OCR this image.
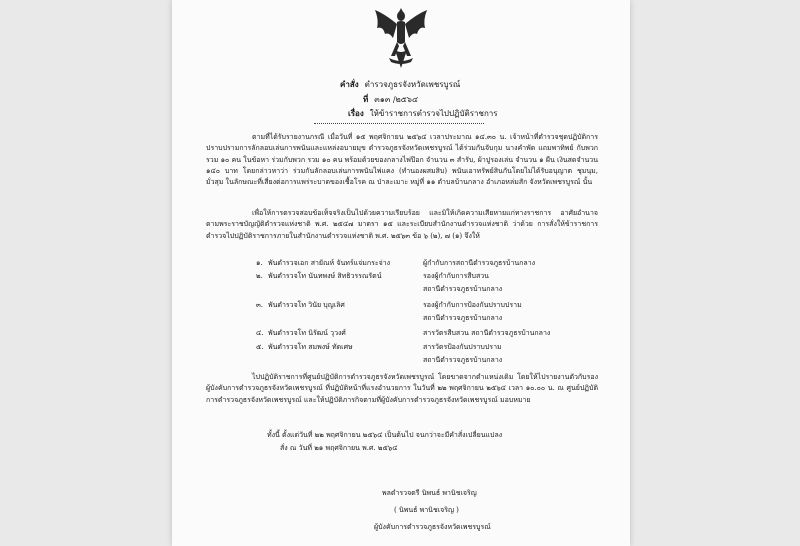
คำสั่ง ตำรวจภูธรจังหวัดเพชรบูรณ์
ที่ ๓๑๓ /๒๕๖๔
เรื่อง ให้ข้าราชการตำรวจไปปฏิบัติราชการ
ตามที่ได้รับรายงานกรณี เมื่อวันที่ ๑๕ พฤศจิกายน ๒๕๖๔ เวลาประมาณ ๑๔.๓๐ น. เจ้าหน้าที่ตำรวจชุดปฏิบัติการปราบปรามการลักลอบเล่นการพนันและแหล่งอบายมุข ตำรวจภูธรจังหวัดเพชรบูรณ์ ได้ร่วมกันจับกุม นางคำพัด แถมพาทิพย์ กับพวกรวม ๑๐ คน ในข้อหา ร่วมกับพวก รวม ๑๐ คน พร้อมด้วยของกลางไพ่ป๊อก จำนวน ๓ สำรับ, ผ้าปูรองเล่น จำนวน ๑ ผืน เงินสดจำนวน ๑๔๐ บาท โดยกล่าวหาว่า ร่วมกันลักลอบเล่นการพนันไพ่แคง (ทำนองผสมสิบ) พนันเอาทรัพย์สินกันโดยไม่ได้รับอนุญาต ชุมนุม, มั่วสุม ในลักษณะที่เสี่ยงต่อการแพร่ระบาดของเชื้อโรค ณ ป่าละเมาะ หมู่ที่ ๑๑ ตำบลบ้านกลาง อำเภอหล่มสัก จังหวัดเพชรบูรณ์ นั้น
เพื่อให้การตรวจสอบข้อเท็จจริงเป็นไปด้วยความเรียบร้อย และมิให้เกิดความเสียหายแก่ทางราชการ อาศัยอำนาจตามพระราชบัญญัติตำรวจแห่งชาติ พ.ศ. ๒๕๔๗ มาตรา ๑๕ และระเบียบสำนักงานตำรวจแห่งชาติ ว่าด้วย การสั่งให้ข้าราชการตำรวจไปปฏิบัติราชการภายในสำนักงานตำรวจแห่งชาติ พ.ศ. ๒๕๖๓ ข้อ ๖ (๒), ๗ (๑) จึงให้
๑. พันตำรวจเอก สายัณห์ จันทร์แจ่มกระจ่าง	ผู้กำกับการสถานีตำรวจภูธรบ้านกลาง
๒. พันตำรวจโท นันทพงษ์ สิทธิวรรณรัตน์	รองผู้กำกับการสืบสวน
สถานีตำรวจภูธรบ้านกลาง
๓. พันตำรวจโท วินัย บุญเลิศ	รองผู้กำกับการป้องกันปราบปราม
สถานีตำรวจภูธรบ้านกลาง
๔. พันตำรวจโท นิรัฒน์ วุวงศ์	สารวัตรสืบสวน สถานีตำรวจภูธรบ้านกลาง
๕. พันตำรวจโท สมพงษ์ ทัดเศษ	สารวัตรป้องกันปราบปราม
สถานีตำรวจภูธรบ้านกลาง
ไปปฏิบัติราชการที่ศูนย์ปฏิบัติการตำรวจภูธรจังหวัดเพชรบูรณ์ โดยขาดจากตำแหน่งเดิม โดยให้ไปรายงานตัวกับรองผู้บังคับการตำรวจภูธรจังหวัดเพชรบูรณ์ ที่ปฏิบัติหน้าที่แรงอำนวยการ ในวันที่ ๒๒ พฤศจิกายน ๒๕๖๔ เวลา ๑๐.๐๐ น. ณ ศูนย์ปฏิบัติการตำรวจภูธรจังหวัดเพชรบูรณ์ และให้ปฏิบัติภารกิจตามที่ผู้บังคับการตำรวจภูธรจังหวัดเพชรบูรณ์ มอบหมาย
ทั้งนี้ ตั้งแต่วันที่ ๒๒ พฤศจิกายน ๒๕๖๔ เป็นต้นไป จนกว่าจะมีคำสั่งเปลี่ยนแปลง
สั่ง ณ วันที่ ๒๑ พฤศจิกายน พ.ศ. ๒๕๖๔
พลตำรวจตรี นิพนธ์ พานิชเจริญ
( นิพนธ์ พานิชเจริญ )
ผู้บังคับการตำรวจภูธรจังหวัดเพชรบูรณ์
